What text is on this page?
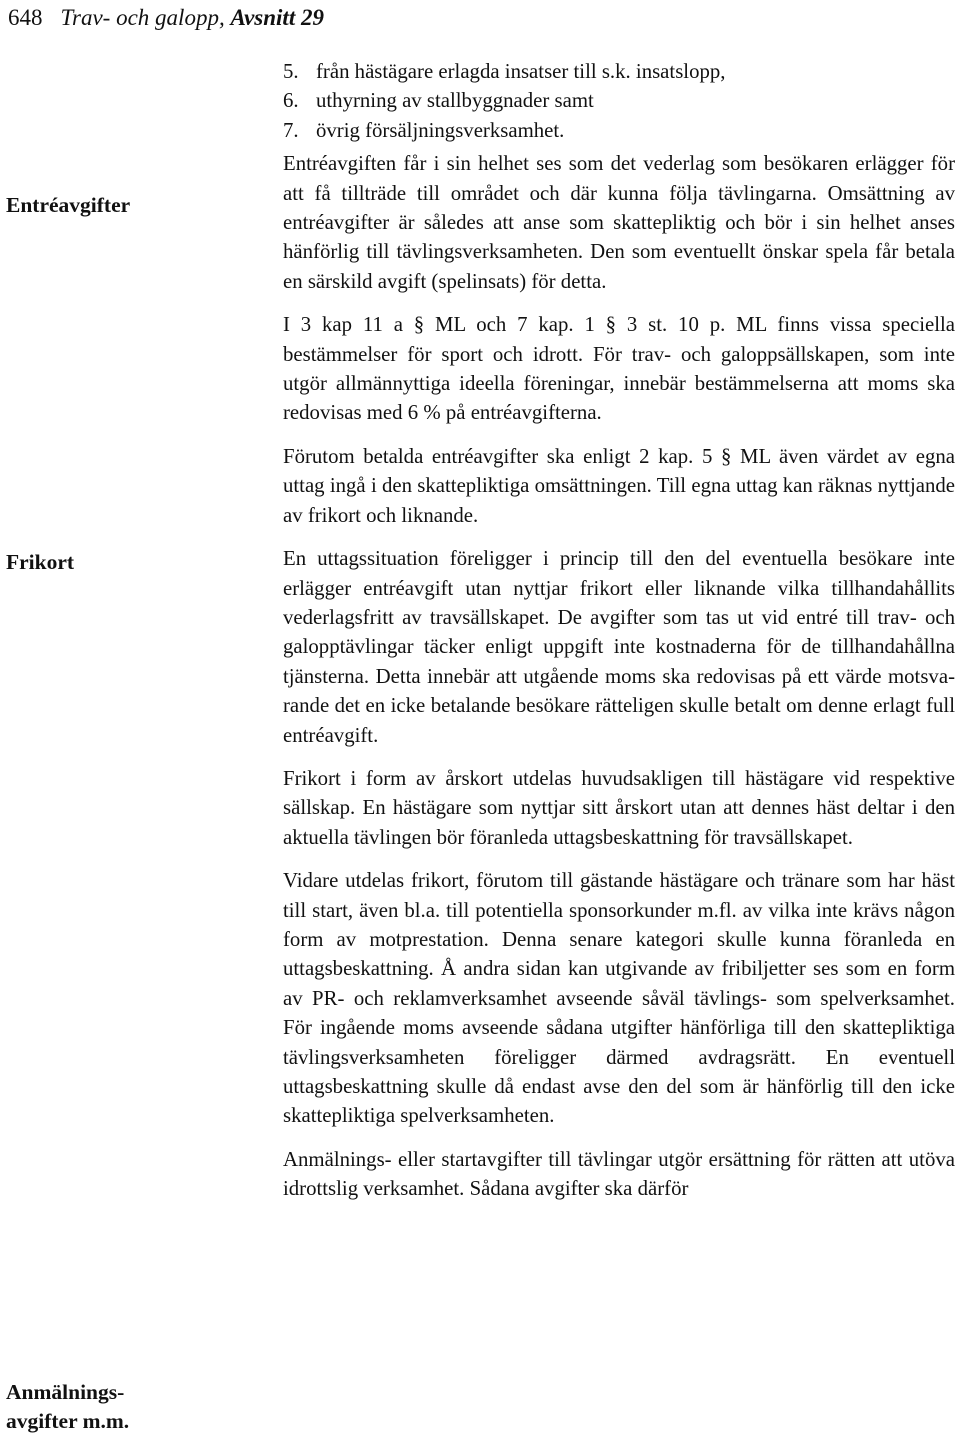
648 Trav- och galopp, Avsnitt 29
Entréavgifter
Frikort
Anmälnings-
avgifter m.m.
5. från hästägare erlagda insatser till s.k. insatslopp,
6. uthyrning av stallbyggnader samt
7. övrig försäljningsverksamhet.

Entréavgiften får i sin helhet ses som det vederlag som besökaren erlägger för att få tillträde till området och där kunna följa tävlingarna. Omsättning av entréavgifter är således att anse som skattepliktig och bör i sin helhet anses hänförlig till tävlingsverksamheten. Den som eventuellt önskar spela får betala en särskild avgift (spelinsats) för detta.

I 3 kap 11 a § ML och 7 kap. 1 § 3 st. 10 p. ML finns vissa speciella bestämmelser för sport och idrott. För trav- och galoppsällskapen, som inte utgör allmännyttiga ideella föreningar, innebär bestämmelserna att moms ska redovisas med 6 % på entréavgifterna.

Förutom betalda entréavgifter ska enligt 2 kap. 5 § ML även värdet av egna uttag ingå i den skattepliktiga omsättningen. Till egna uttag kan räknas nyttjande av frikort och liknande.

En uttagssituation föreligger i princip till den del eventuella besökare inte erlägger entréavgift utan nyttjar frikort eller liknande vilka tillhandahållits vederlagsfritt av travsällskapet. De avgifter som tas ut vid entré till trav- och galopptävlingar täcker enligt uppgift inte kostnaderna för de tillhandahållna tjänsterna. Detta innebär att utgående moms ska redovisas på ett värde motsvarande det en icke betalande besökare rätteligen skulle betalt om denne erlagt full entréavgift.

Frikort i form av årskort utdelas huvudsakligen till hästägare vid respektive sällskap. En hästägare som nyttjar sitt årskort utan att dennes häst deltar i den aktuella tävlingen bör föranleda uttagsbeskattning för travsällskapet.

Vidare utdelas frikort, förutom till gästande hästägare och tränare som har häst till start, även bl.a. till potentiella sponsorkunder m.fl. av vilka inte krävs någon form av motprestation. Denna senare kategori skulle kunna föranleda en uttagsbeskattning. Å andra sidan kan utgivande av fribiljetter ses som en form av PR- och reklamverksamhet avseende såväl tävlings- som spelverksamhet. För ingående moms avseende sådana utgifter hänförliga till den skattepliktiga tävlingsverksamheten föreligger därmed avdragsrätt. En eventuell uttagsbeskattning skulle då endast avse den del som är hänförlig till den icke skattepliktiga spelverksamheten.

Anmälnings- eller startavgifter till tävlingar utgör ersättning för rätten att utöva idrottslig verksamhet. Sådana avgifter ska därför
